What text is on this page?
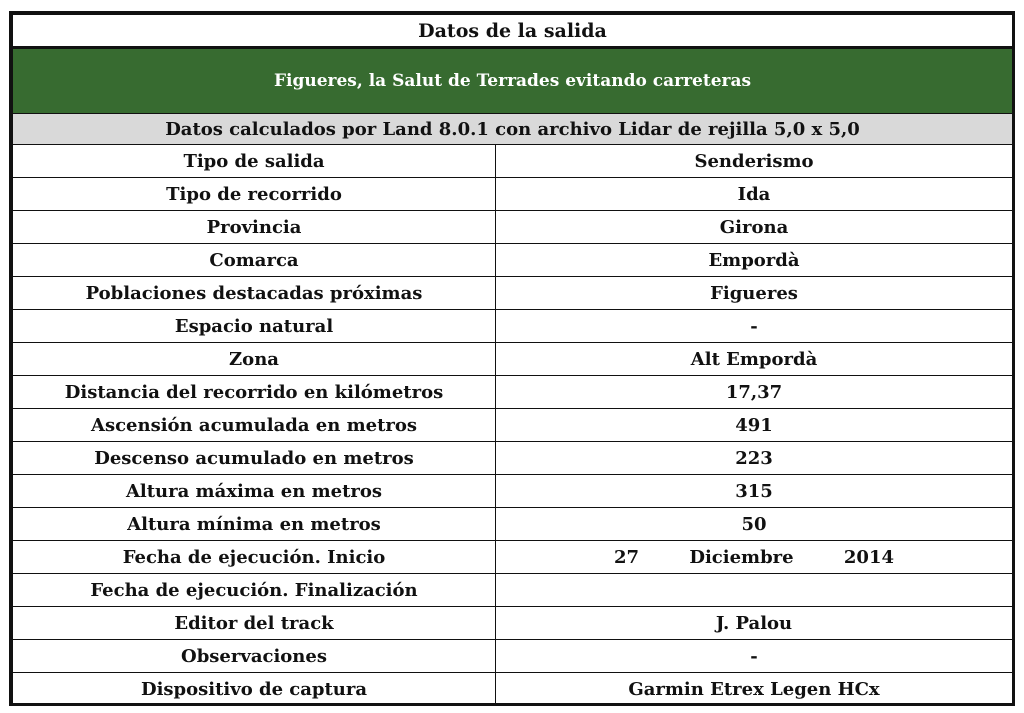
Datos de la salida	
Figueres, la Salut de Terrades evitando carreteras	
Datos calculados por Land 8.0.1 con archivo Lidar de rejilla 5,0 x 5,0	
Tipo de salida	Senderismo
Tipo de recorrido	Ida
Provincia	Girona
Comarca	Empordà
Poblaciones destacadas próximas	Figueres
Espacio natural	-
Zona	Alt Empordà
Distancia del recorrido en kilómetros	17,37
Ascensión acumulada en metros	491
Descenso acumulado en metros	223
Altura máxima en metros	315
Altura mínima en metros	50
Fecha de ejecución. Inicio	27 Diciembre 2014
Fecha de ejecución. Finalización	
Editor del track	J. Palou
Observaciones	-
Dispositivo de captura	Garmin Etrex Legen HCx
